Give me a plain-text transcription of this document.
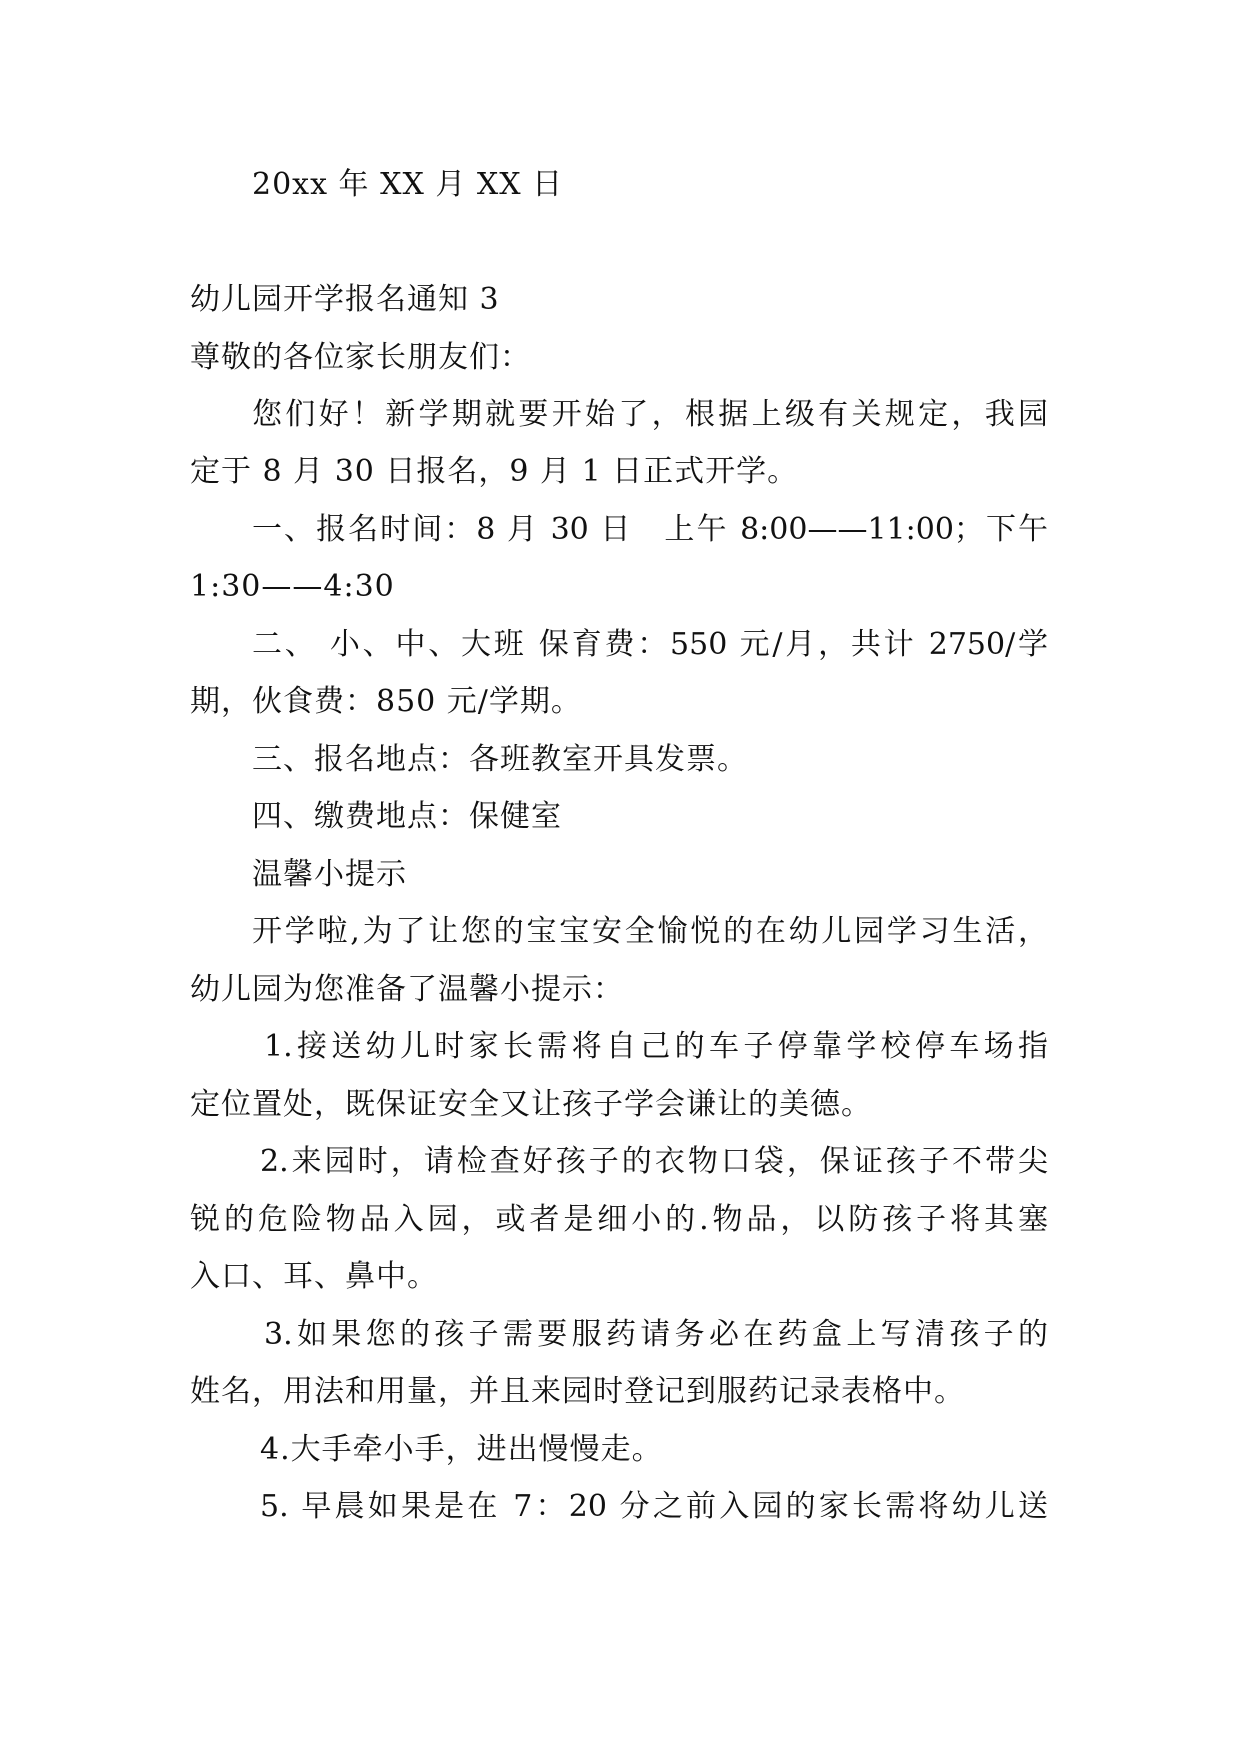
20xx 年 XX 月 XX 日
幼儿园开学报名通知 3
尊敬的各位家长朋友们：
您们好！新学期就要开始了，根据上级有关规定，我园
定于 8 月 30 日报名，9 月 1 日正式开学。
一、报名时间：8 月 30 日　上午 8:00——11:00；下午
1:30——4:30
二、 小、中、大班 保育费：550 元/月，共计 2750/学
期，伙食费：850 元/学期。
三、报名地点：各班教室开具发票。
四、缴费地点：保健室
温馨小提示
开学啦,为了让您的宝宝安全愉悦的在幼儿园学习生活，
幼儿园为您准备了温馨小提示：
1.接送幼儿时家长需将自己的车子停靠学校停车场指
定位置处，既保证安全又让孩子学会谦让的美德。
2.来园时，请检查好孩子的衣物口袋，保证孩子不带尖
锐的危险物品入园，或者是细小的.物品，以防孩子将其塞
入口、耳、鼻中。
3.如果您的孩子需要服药请务必在药盒上写清孩子的
姓名，用法和用量，并且来园时登记到服药记录表格中。
4.大手牵小手，进出慢慢走。
5. 早晨如果是在 7：20 分之前入园的家长需将幼儿送
